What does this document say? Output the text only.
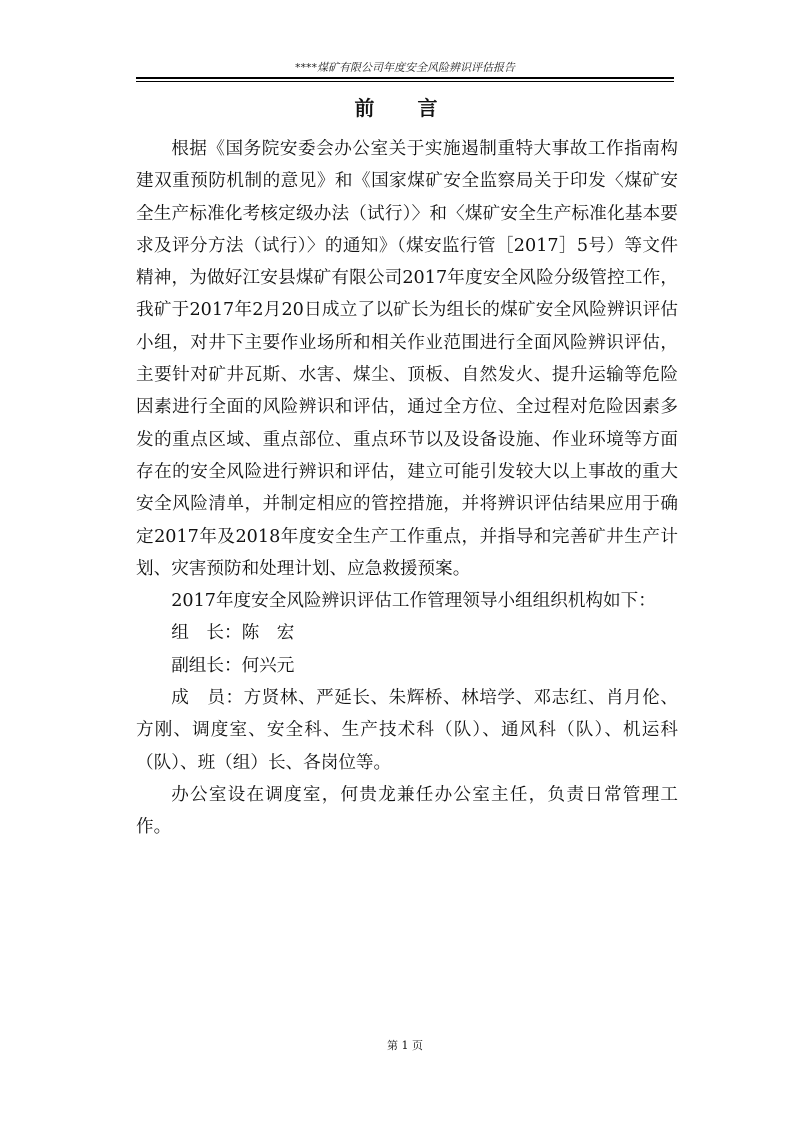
****煤矿有限公司年度安全风险辨识评估报告
前 言

根据《国务院安委会办公室关于实施遏制重特大事故工作指南构建双重预防机制的意见》和《国家煤矿安全监察局关于印发〈煤矿安全生产标准化考核定级办法（试行）〉和〈煤矿安全生产标准化基本要求及评分方法（试行）〉的通知》（煤安监行管［2017］5号）等文件精神，为做好江安县煤矿有限公司2017年度安全风险分级管控工作，我矿于2017年2月20日成立了以矿长为组长的煤矿安全风险辨识评估小组，对井下主要作业场所和相关作业范围进行全面风险辨识评估，主要针对矿井瓦斯、水害、煤尘、顶板、自然发火、提升运输等危险因素进行全面的风险辨识和评估，通过全方位、全过程对危险因素多发的重点区域、重点部位、重点环节以及设备设施、作业环境等方面存在的安全风险进行辨识和评估，建立可能引发较大以上事故的重大安全风险清单，并制定相应的管控措施，并将辨识评估结果应用于确定2017年及2018年度安全生产工作重点，并指导和完善矿井生产计划、灾害预防和处理计划、应急救援预案。

2017年度安全风险辨识评估工作管理领导小组组织机构如下：

组　长：陈　宏

副组长：何兴元

成　员：方贤林、严延长、朱辉桥、林培学、邓志红、肖月伦、方刚、调度室、安全科、生产技术科（队）、通风科（队）、机运科（队）、班（组）长、各岗位等。

办公室设在调度室，何贵龙兼任办公室主任，负责日常管理工作。

第 1 页
